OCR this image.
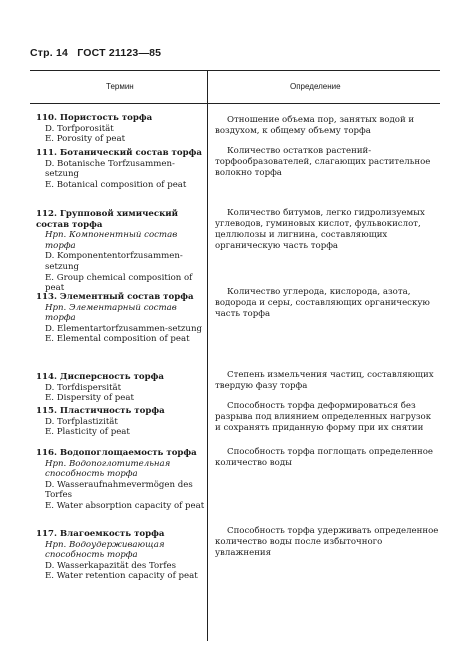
Стр. 14 ГОСТ 21123—85
Термин	Определение
110. Пористость торфа
D. Torfporosität
E. Porosity of peat
111. Ботанический состав торфа
D. Botanische Torfzusammen-setzung
E. Botanical composition of peat
112. Групповой химический состав торфа
Нрп. Компонентный состав торфа
D. Komponententorfzusammen-setzung
E. Group chemical composition of peat
113. Элементный состав торфа
Нрп. Элементарный состав торфа
D. Elementartorfzusammen-setzung
E. Elemental composition of peat
114. Дисперсность торфа
D. Torfdispersität
E. Dispersity of peat
115. Пластичность торфа
D. Torfplastizität
E. Plasticity of peat
116. Водопоглощаемость торфа
Нрп. Водопоглотительная способность торфа
D. Wasseraufnahmevermögen des Torfes
E. Water absorption capacity of peat
117. Влагоемкость торфа
Нрп. Водоудерживающая способность торфа
D. Wasserkapazität des Torfes
E. Water retention capacity of peat
Отношение объема пор, занятых водой и воздухом, к общему объему торфа
Количество остатков растений-торфообразователей, слагающих растительное волокно торфа
Количество битумов, легко гидролизуемых углеводов, гуминовых кислот, фульвокислот, целлюлозы и лигнина, составляющих органическую часть торфа
Количество углерода, кислорода, азота, водорода и серы, составляющих органическую часть торфа
Степень измельчения частиц, составляющих твердую фазу торфа
Способность торфа деформироваться без разрыва под влиянием определенных нагрузок и сохранять приданную форму при их снятии
Способность торфа поглощать определенное количество воды
Способность торфа удерживать определенное количество воды после избыточного увлажнения
